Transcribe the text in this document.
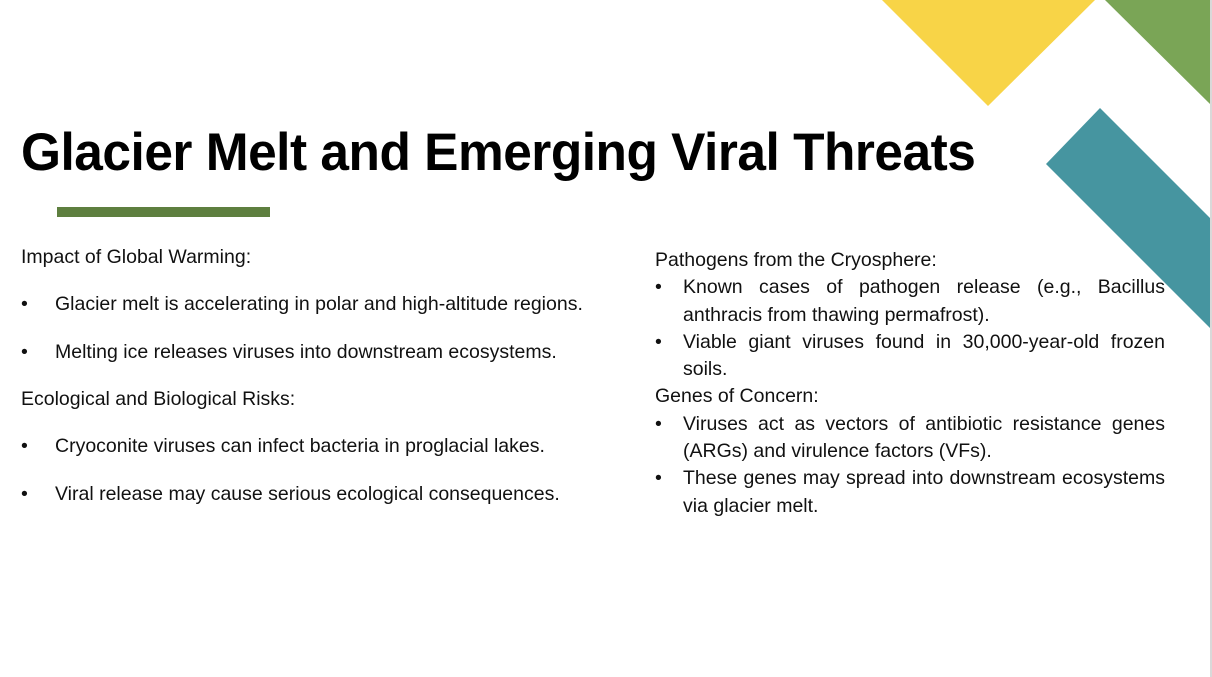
Glacier Melt and Emerging Viral Threats

Impact of Global Warming:

• Glacier melt is accelerating in polar and high-altitude regions.

• Melting ice releases viruses into downstream ecosystems.

Ecological and Biological Risks:

• Cryoconite viruses can infect bacteria in proglacial lakes.

• Viral release may cause serious ecological consequences.

Pathogens from the Cryosphere:

• Known cases of pathogen release (e.g., Bacillus anthracis from thawing permafrost).

• Viable giant viruses found in 30,000-year-old frozen soils.

Genes of Concern:

• Viruses act as vectors of antibiotic resistance genes (ARGs) and virulence factors (VFs).

• These genes may spread into downstream ecosystems via glacier melt.
